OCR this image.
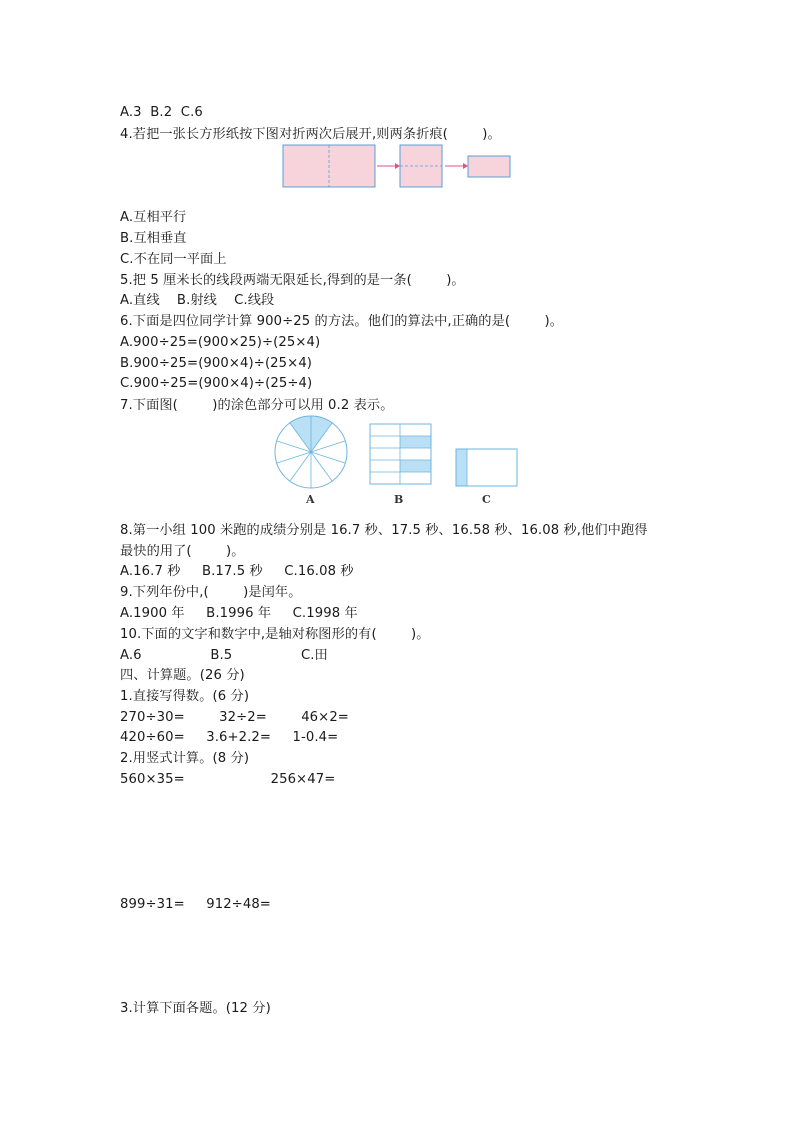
A.3  B.2  C.6
4.若把一张长方形纸按下图对折两次后展开,则两条折痕(        )。
A.互相平行
B.互相垂直
C.不在同一平面上
5.把 5 厘米长的线段两端无限延长,得到的是一条(        )。
A.直线    B.射线    C.线段
6.下面是四位同学计算 900÷25 的方法。他们的算法中,正确的是(        )。
A.900÷25=(900×25)÷(25×4)
B.900÷25=(900×4)÷(25×4)
C.900÷25=(900×4)÷(25÷4)
7.下面图(        )的涂色部分可以用 0.2 表示。
A	B	C
8.第一小组 100 米跑的成绩分别是 16.7 秒、17.5 秒、16.58 秒、16.08 秒,他们中跑得
最快的用了(        )。
A.16.7 秒     B.17.5 秒     C.16.08 秒
9.下列年份中,(        )是闰年。
A.1900 年     B.1996 年     C.1998 年
10.下面的文字和数字中,是轴对称图形的有(        )。
A.6                B.5                C.田
四、计算题。(26 分)
1.直接写得数。(6 分)
270÷30=        32÷2=        46×2=
420÷60=     3.6+2.2=     1-0.4=
2.用竖式计算。(8 分)
560×35=                    256×47=
899÷31=     912÷48=
3.计算下面各题。(12 分)
